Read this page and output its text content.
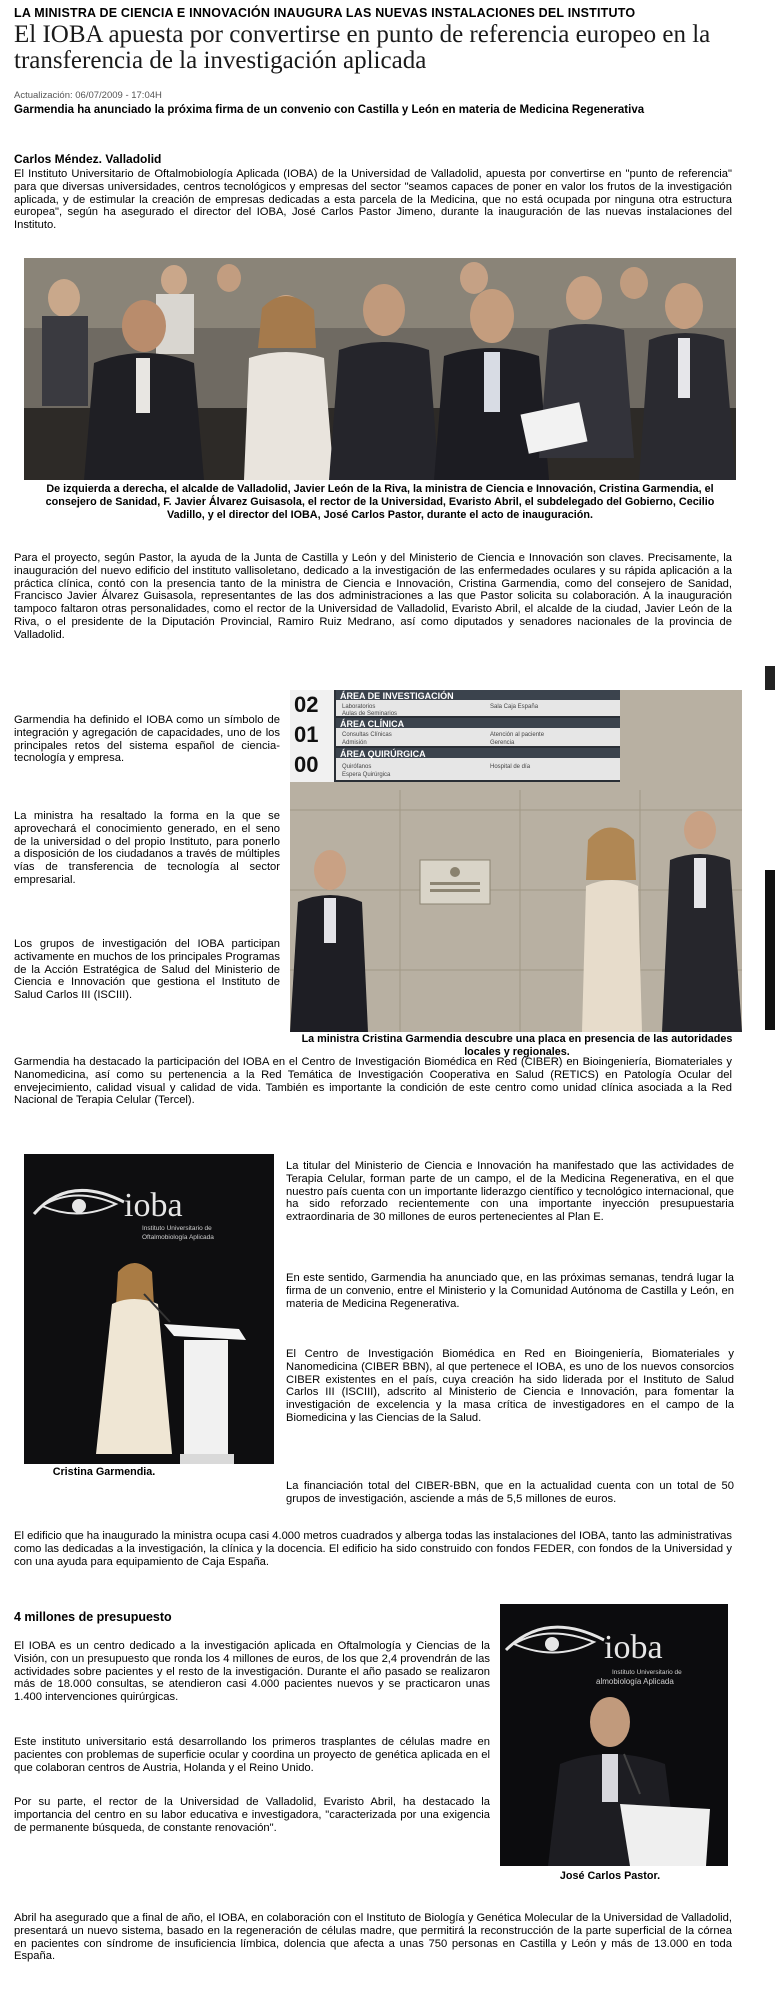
LA MINISTRA DE CIENCIA E INNOVACIÓN INAUGURA LAS NUEVAS INSTALACIONES DEL INSTITUTO
El IOBA apuesta por convertirse en punto de referencia europeo en la transferencia de la investigación aplicada
Actualización: 06/07/2009 - 17:04H
Garmendia ha anunciado la próxima firma de un convenio con Castilla y León en materia de Medicina Regenerativa
Carlos Méndez. Valladolid

El Instituto Universitario de Oftalmobiología Aplicada (IOBA) de la Universidad de Valladolid, apuesta por convertirse en "punto de referencia" para que diversas universidades, centros tecnológicos y empresas del sector "seamos capaces de poner en valor los frutos de la investigación aplicada, y de estimular la creación de empresas dedicadas a esta parcela de la Medicina, que no está ocupada por ninguna otra estructura europea", según ha asegurado el director del IOBA, José Carlos Pastor Jimeno, durante la inauguración de las nuevas instalaciones del Instituto.

De izquierda a derecha, el alcalde de Valladolid, Javier León de la Riva, la ministra de Ciencia e Innovación, Cristina Garmendia, el consejero de Sanidad, F. Javier Álvarez Guisasola, el rector de la Universidad, Evaristo Abril, el subdelegado del Gobierno, Cecilio Vadillo, y el director del IOBA, José Carlos Pastor, durante el acto de inauguración.

Para el proyecto, según Pastor, la ayuda de la Junta de Castilla y León y del Ministerio de Ciencia e Innovación son claves. Precisamente, la inauguración del nuevo edificio del instituto vallisoletano, dedicado a la investigación de las enfermedades oculares y su rápida aplicación a la práctica clínica, contó con la presencia tanto de la ministra de Ciencia e Innovación, Cristina Garmendia, como del consejero de Sanidad, Francisco Javier Álvarez Guisasola, representantes de las dos administraciones a las que Pastor solicita su colaboración. A la inauguración tampoco faltaron otras personalidades, como el rector de la Universidad de Valladolid, Evaristo Abril, el alcalde de la ciudad, Javier León de la Riva, o el presidente de la Diputación Provincial, Ramiro Ruiz Medrano, así como diputados y senadores nacionales de la provincia de Valladolid.

Garmendia ha definido el IOBA como un símbolo de integración y agregación de capacidades, uno de los principales retos del sistema español de ciencia-tecnología y empresa.

La ministra ha resaltado la forma en la que se aprovechará el conocimiento generado, en el seno de la universidad o del propio Instituto, para ponerlo a disposición de los ciudadanos a través de múltiples vías de transferencia de tecnología al sector empresarial.

Los grupos de investigación del IOBA participan activamente en muchos de los principales Programas de la Acción Estratégica de Salud del Ministerio de Ciencia e Innovación que gestiona el Instituto de Salud Carlos III (ISCIII).

02
01
00
ÁREA DE INVESTIGACIÓN
ÁREA CLÍNICA
ÁREA QUIRÚRGICA
Laboratorios
Aulas de Seminarios
Sala Caja España
Consultas Clínicas
Admisión
Atención al paciente
Gerencia
Quirófanos
Espera Quirúrgica
Hospital de día
La ministra Cristina Garmendia descubre una placa en presencia de las autoridades locales y regionales.

Garmendia ha destacado la participación del IOBA en el Centro de Investigación Biomédica en Red (CIBER) en Bioingeniería, Biomateriales y Nanomedicina, así como su pertenencia a la Red Temática de Investigación Cooperativa en Salud (RETICS) en Patología Ocular del envejecimiento, calidad visual y calidad de vida. También es importante la condición de este centro como unidad clínica asociada a la Red Nacional de Terapia Celular (Tercel).

ioba
Instituto Universitario de
Oftalmobiología Aplicada
Cristina Garmendia.

La titular del Ministerio de Ciencia e Innovación ha manifestado que las actividades de Terapia Celular, forman parte de un campo, el de la Medicina Regenerativa, en el que nuestro país cuenta con un importante liderazgo científico y tecnológico internacional, que ha sido reforzado recientemente con una importante inyección presupuestaria extraordinaria de 30 millones de euros pertenecientes al Plan E.

En este sentido, Garmendia ha anunciado que, en las próximas semanas, tendrá lugar la firma de un convenio, entre el Ministerio y la Comunidad Autónoma de Castilla y León, en materia de Medicina Regenerativa.

El Centro de Investigación Biomédica en Red en Bioingeniería, Biomateriales y Nanomedicina (CIBER BBN), al que pertenece el IOBA, es uno de los nuevos consorcios CIBER existentes en el país, cuya creación ha sido liderada por el Instituto de Salud Carlos III (ISCIII), adscrito al Ministerio de Ciencia e Innovación, para fomentar la investigación de excelencia y la masa crítica de investigadores en el campo de la Biomedicina y las Ciencias de la Salud.

La financiación total del CIBER-BBN, que en la actualidad cuenta con un total de 50 grupos de investigación, asciende a más de 5,5 millones de euros.

El edificio que ha inaugurado la ministra ocupa casi 4.000 metros cuadrados y alberga todas las instalaciones del IOBA, tanto las administrativas como las dedicadas a la investigación, la clínica y la docencia. El edificio ha sido construido con fondos FEDER, con fondos de la Universidad y con una ayuda para equipamiento de Caja España.

4 millones de presupuesto

El IOBA es un centro dedicado a la investigación aplicada en Oftalmología y Ciencias de la Visión, con un presupuesto que ronda los 4 millones de euros, de los que 2,4 provendrán de las actividades sobre pacientes y el resto de la investigación. Durante el año pasado se realizaron más de 18.000 consultas, se atendieron casi 4.000 pacientes nuevos y se practicaron unas 1.400 intervenciones quirúrgicas.

Este instituto universitario está desarrollando los primeros trasplantes de células madre en pacientes con problemas de superficie ocular y coordina un proyecto de genética aplicada en el que colaboran centros de Austria, Holanda y el Reino Unido.

Por su parte, el rector de la Universidad de Valladolid, Evaristo Abril, ha destacado la importancia del centro en su labor educativa e investigadora, "caracterizada por una exigencia de permanente búsqueda, de constante renovación".

ioba
Instituto Universitario de
almobiología Aplicada
José Carlos Pastor.

Abril ha asegurado que a final de año, el IOBA, en colaboración con el Instituto de Biología y Genética Molecular de la Universidad de Valladolid, presentará un nuevo sistema, basado en la regeneración de células madre, que permitirá la reconstrucción de la parte superficial de la córnea en pacientes con síndrome de insuficiencia límbica, dolencia que afecta a unas 750 personas en Castilla y León y más de 13.000 en toda España.
